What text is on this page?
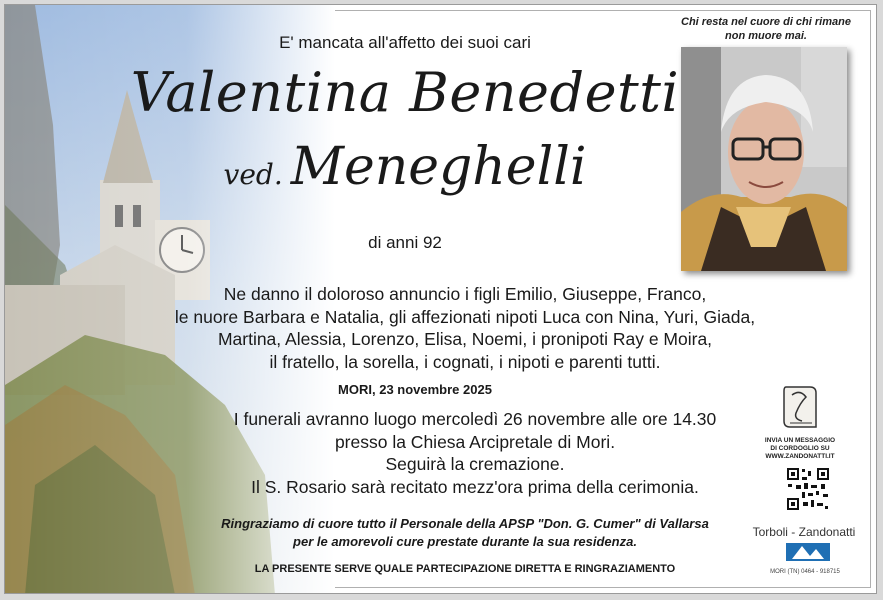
E' mancata all'affetto dei suoi cari
Valentina Benedetti
ved. Meneghelli
di anni 92
Ne danno il doloroso annuncio i figli Emilio, Giuseppe, Franco,
le nuore Barbara e Natalia, gli affezionati nipoti Luca con Nina, Yuri, Giada,
Martina, Alessia, Lorenzo, Elisa, Noemi, i pronipoti Ray e Moira,
il fratello, la sorella, i cognati, i nipoti e parenti tutti.
MORI, 23 novembre 2025
I funerali avranno luogo mercoledì 26 novembre alle ore 14.30
presso la Chiesa Arcipretale di Mori.
Seguirà la cremazione.
Il S. Rosario sarà recitato mezz'ora prima della cerimonia.
Ringraziamo di cuore tutto il Personale della APSP "Don. G. Cumer" di Vallarsa
per le amorevoli cure prestate durante la sua residenza.
LA PRESENTE SERVE QUALE PARTECIPAZIONE DIRETTA E RINGRAZIAMENTO
Chi resta nel cuore di chi rimane
non muore mai.
INVIA UN MESSAGGIO
DI CORDOGLIO SU
WWW.ZANDONATTI.IT
Torboli - Zandonatti
MORI (TN) 0464 - 918715
